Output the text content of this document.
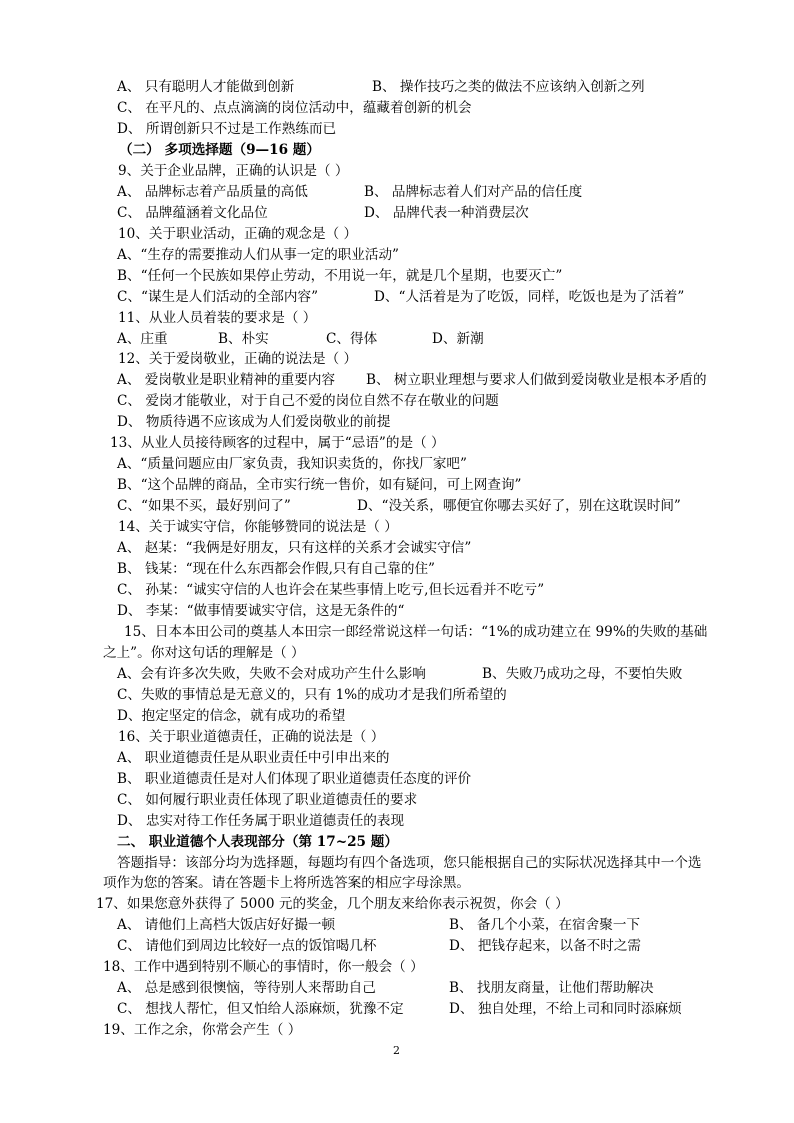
A、 只有聪明人才能做到创新	B、 操作技巧之类的做法不应该纳入创新之列
C、 在平凡的、点点滴滴的岗位活动中，蕴藏着创新的机会
D、 所谓创新只不过是工作熟练而已
（二） 多项选择题（9—16 题）
9、关于企业品牌，正确的认识是（ ）
A、 品牌标志着产品质量的高低	B、 品牌标志着人们对产品的信任度
C、 品牌蕴涵着文化品位	D、 品牌代表一种消费层次
10、关于职业活动，正确的观念是（ ）
A、“生存的需要推动人们从事一定的职业活动”
B、“任何一个民族如果停止劳动，不用说一年，就是几个星期，也要灭亡”
C、“谋生是人们活动的全部内容”	D、“人活着是为了吃饭，同样，吃饭也是为了活着”
11、从业人员着装的要求是（ ）
A、庄重	B、朴实	C、得体	D、新潮
12、关于爱岗敬业，正确的说法是（ ）
A、 爱岗敬业是职业精神的重要内容 B、 树立职业理想与要求人们做到爱岗敬业是根本矛盾的
C、 爱岗才能敬业，对于自己不爱的岗位自然不存在敬业的问题
D、 物质待遇不应该成为人们爱岗敬业的前提
13、从业人员接待顾客的过程中，属于“忌语”的是（ ）
A、“质量问题应由厂家负责，我知识卖货的，你找厂家吧”
B、“这个品牌的商品，全市实行统一售价，如有疑问，可上网查询”
C、“如果不买，最好别问了”	D、“没关系，哪便宜你哪去买好了，别在这耽误时间”
14、关于诚实守信，你能够赞同的说法是（ ）
A、 赵某：“我俩是好朋友，只有这样的关系才会诚实守信”
B、 钱某：“现在什么东西都会作假,只有自己靠的住”
C、 孙某：“诚实守信的人也许会在某些事情上吃亏,但长远看并不吃亏”
D、 李某：“做事情要诚实守信，这是无条件的“
15、日本本田公司的奠基人本田宗一郎经常说这样一句话：“1%的成功建立在 99%的失败的基础
之上”。你对这句话的理解是（ ）
A、会有许多次失败，失败不会对成功产生什么影响	B、失败乃成功之母，不要怕失败
C、失败的事情总是无意义的，只有 1%的成功才是我们所希望的
D、抱定坚定的信念，就有成功的希望
16、关于职业道德责任，正确的说法是（ ）
A、 职业道德责任是从职业责任中引申出来的
B、 职业道德责任是对人们体现了职业道德责任态度的评价
C、 如何履行职业责任体现了职业道德责任的要求
D、 忠实对待工作任务属于职业道德责任的表现
二、 职业道德个人表现部分（第 17~25 题）
答题指导：该部分均为选择题，每题均有四个备选项，您只能根据自己的实际状况选择其中一个选
项作为您的答案。请在答题卡上将所选答案的相应字母涂黑。
17、如果您意外获得了 5000 元的奖金，几个朋友来给你表示祝贺，你会（ ）
A、 请他们上高档大饭店好好撮一顿	B、 备几个小菜，在宿舍聚一下
C、 请他们到周边比较好一点的饭馆喝几杯	D、 把钱存起来，以备不时之需
18、工作中遇到特别不顺心的事情时，你一般会（ ）
A、 总是感到很懊恼，等待别人来帮助自己	B、 找朋友商量，让他们帮助解决
C、 想找人帮忙，但又怕给人添麻烦，犹豫不定	D、 独自处理，不给上司和同时添麻烦
19、工作之余，你常会产生（ ）
2
